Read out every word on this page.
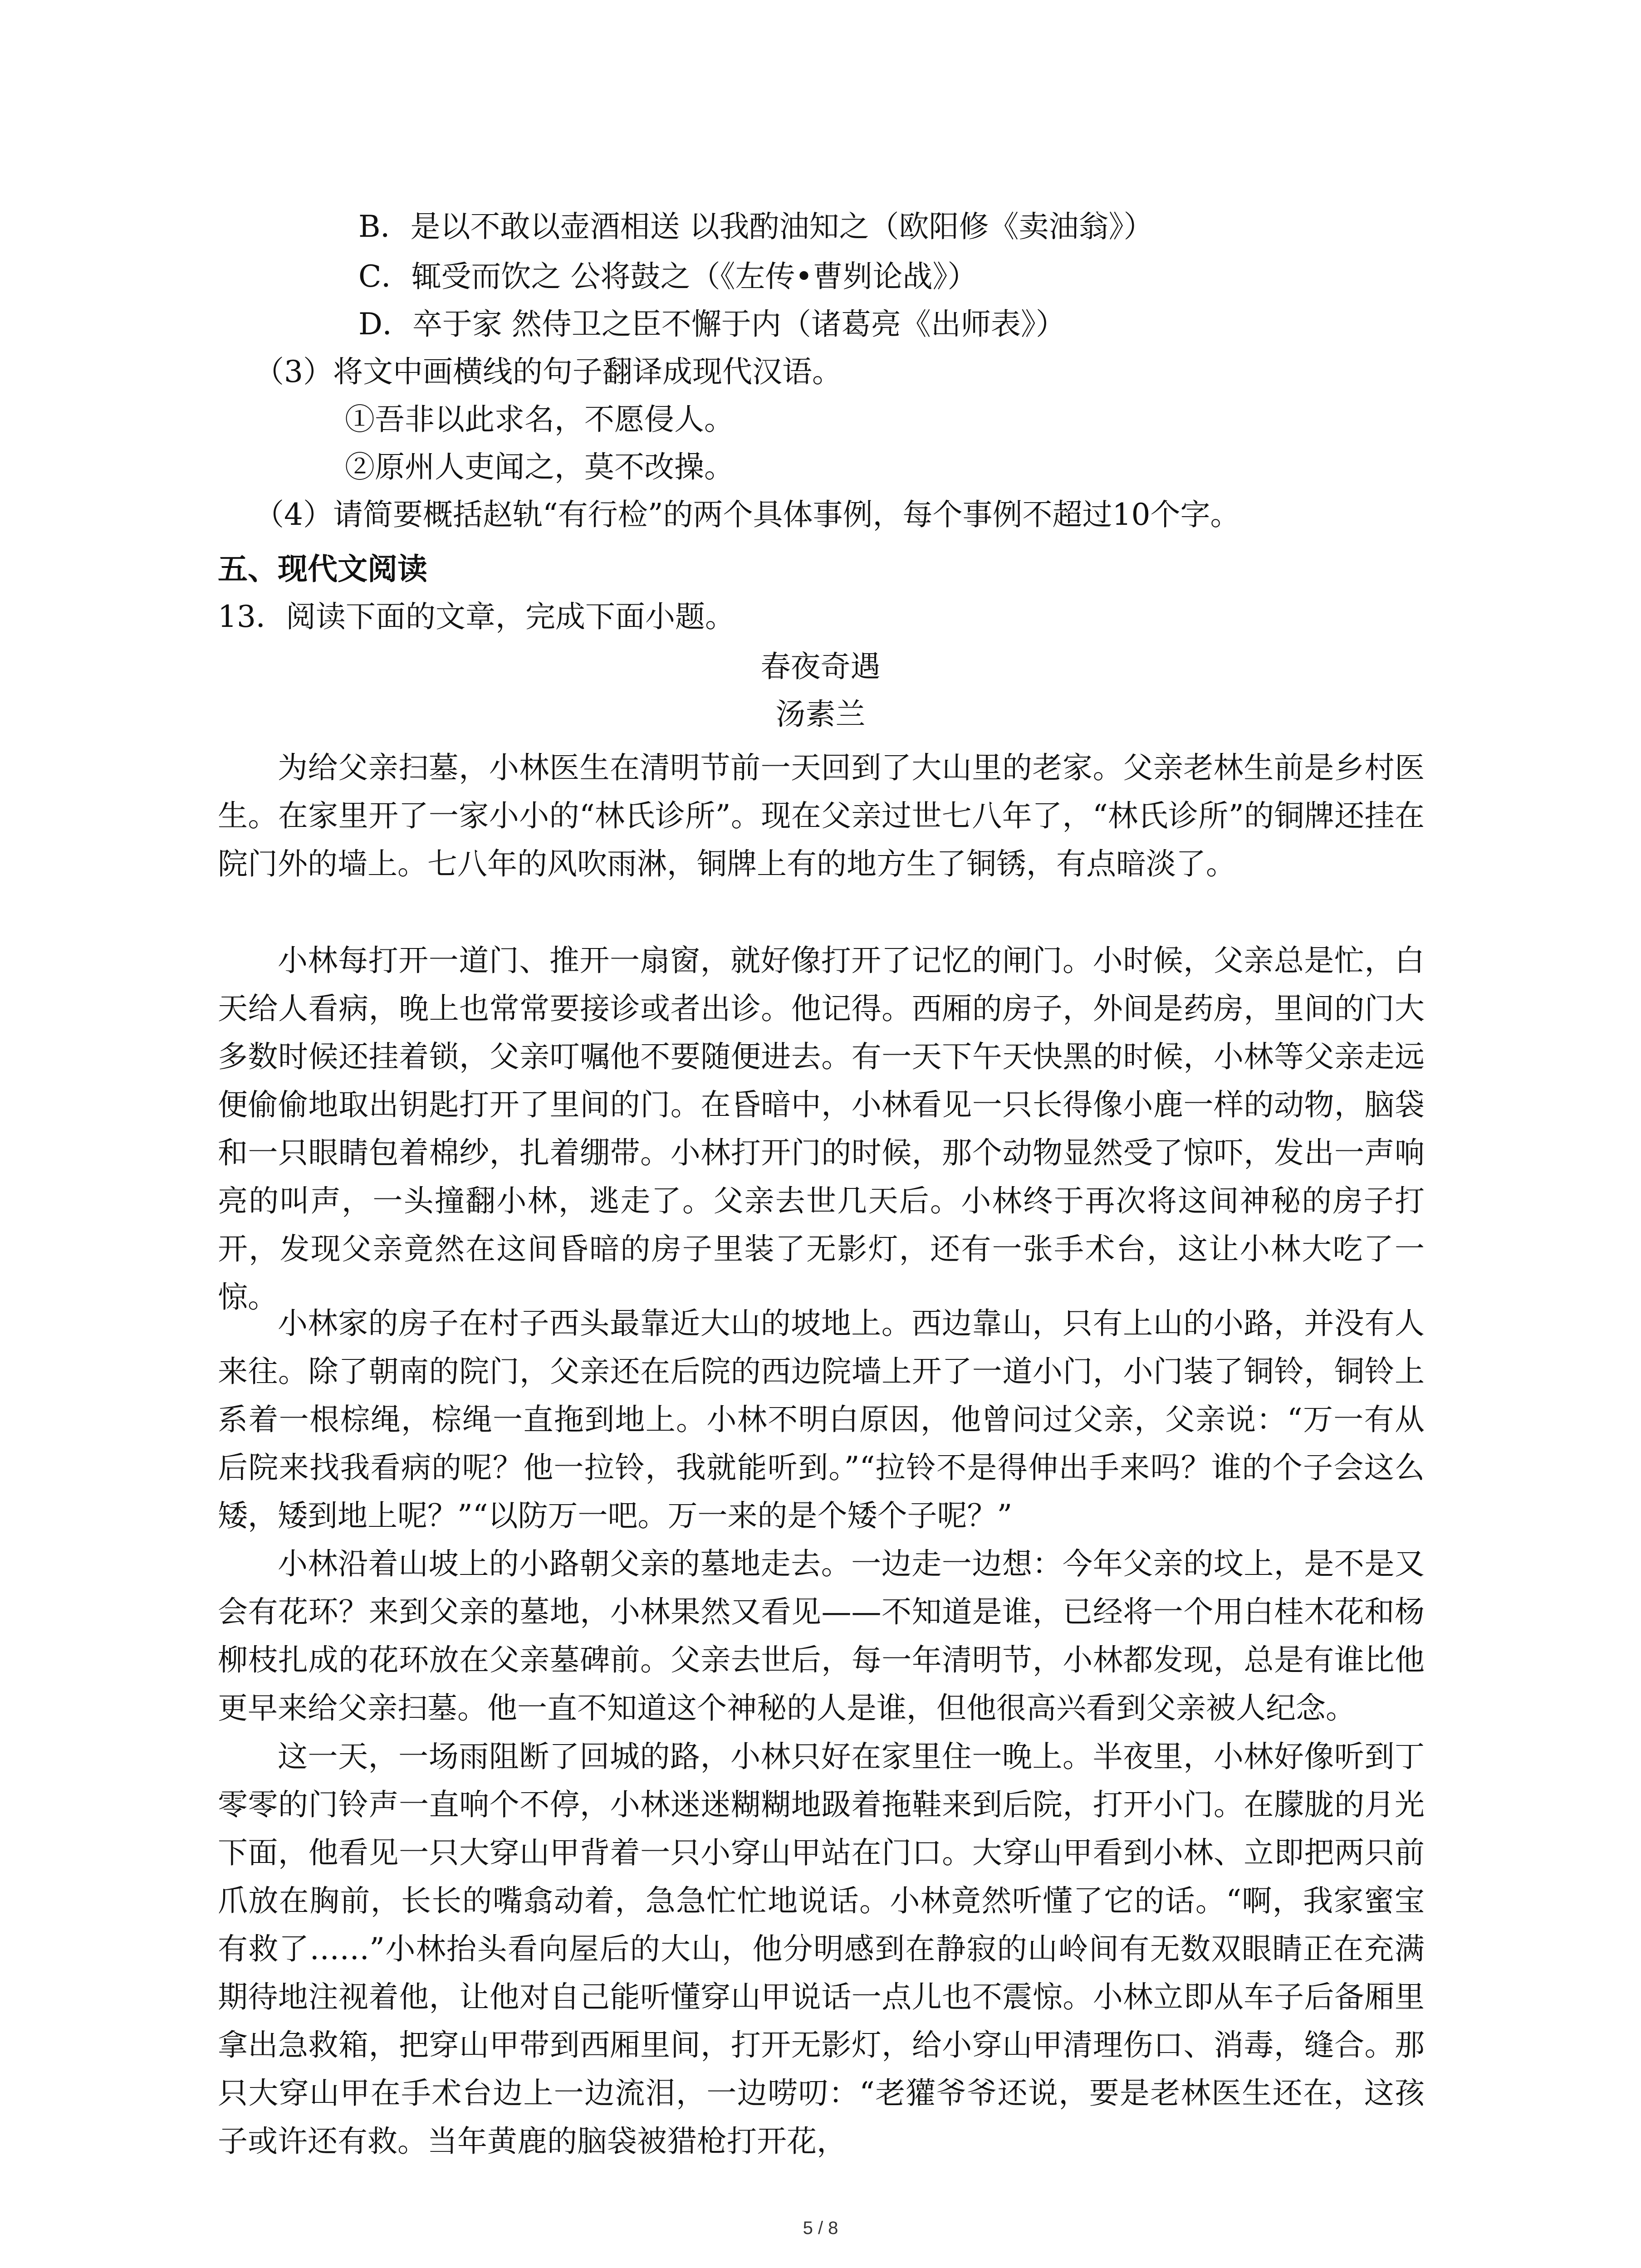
B．是以不敢以壶酒相送 以我酌油知之（欧阳修《卖油翁》）
C．辄受而饮之 公将鼓之（《左传•曹刿论战》）
D．卒于家 然侍卫之臣不懈于内（诸葛亮《出师表》）
（3）将文中画横线的句子翻译成现代汉语。
①吾非以此求名，不愿侵人。
②原州人吏闻之，莫不改操。
（4）请简要概括赵轨“有行检”的两个具体事例，每个事例不超过10个字。
五、现代文阅读
13．阅读下面的文章，完成下面小题。
春夜奇遇
汤素兰
为给父亲扫墓，小林医生在清明节前一天回到了大山里的老家。父亲老林生前是乡村医生。在家里开了一家小小的“林氏诊所”。现在父亲过世七八年了，“林氏诊所”的铜牌还挂在院门外的墙上。七八年的风吹雨淋，铜牌上有的地方生了铜锈，有点暗淡了。
小林每打开一道门、推开一扇窗，就好像打开了记忆的闸门。小时候，父亲总是忙，白天给人看病，晚上也常常要接诊或者出诊。他记得。西厢的房子，外间是药房，里间的门大多数时候还挂着锁，父亲叮嘱他不要随便进去。有一天下午天快黑的时候，小林等父亲走远便偷偷地取出钥匙打开了里间的门。在昏暗中，小林看见一只长得像小鹿一样的动物，脑袋和一只眼睛包着棉纱，扎着绷带。小林打开门的时候，那个动物显然受了惊吓，发出一声响亮的叫声，一头撞翻小林，逃走了。父亲去世几天后。小林终于再次将这间神秘的房子打开，发现父亲竟然在这间昏暗的房子里装了无影灯，还有一张手术台，这让小林大吃了一惊。
小林家的房子在村子西头最靠近大山的坡地上。西边靠山，只有上山的小路，并没有人来往。除了朝南的院门，父亲还在后院的西边院墙上开了一道小门，小门装了铜铃，铜铃上系着一根棕绳，棕绳一直拖到地上。小林不明白原因，他曾问过父亲，父亲说：“万一有从后院来找我看病的呢？他一拉铃，我就能听到。”“拉铃不是得伸出手来吗？谁的个子会这么矮，矮到地上呢？”“以防万一吧。万一来的是个矮个子呢？”
小林沿着山坡上的小路朝父亲的墓地走去。一边走一边想：今年父亲的坟上，是不是又会有花环？来到父亲的墓地，小林果然又看见——不知道是谁，已经将一个用白桂木花和杨柳枝扎成的花环放在父亲墓碑前。父亲去世后，每一年清明节，小林都发现，总是有谁比他更早来给父亲扫墓。他一直不知道这个神秘的人是谁，但他很高兴看到父亲被人纪念。
这一天，一场雨阻断了回城的路，小林只好在家里住一晚上。半夜里，小林好像听到丁零零的门铃声一直响个不停，小林迷迷糊糊地趿着拖鞋来到后院，打开小门。在朦胧的月光下面，他看见一只大穿山甲背着一只小穿山甲站在门口。大穿山甲看到小林、立即把两只前爪放在胸前，长长的嘴翕动着，急急忙忙地说话。小林竟然听懂了它的话。“啊，我家蜜宝有救了……”小林抬头看向屋后的大山，他分明感到在静寂的山岭间有无数双眼睛正在充满期待地注视着他，让他对自己能听懂穿山甲说话一点儿也不震惊。小林立即从车子后备厢里拿出急救箱，把穿山甲带到西厢里间，打开无影灯，给小穿山甲清理伤口、消毒，缝合。那只大穿山甲在手术台边上一边流泪，一边唠叨：“老獾爷爷还说，要是老林医生还在，这孩子或许还有救。当年黄鹿的脑袋被猎枪打开花，
5 / 8
